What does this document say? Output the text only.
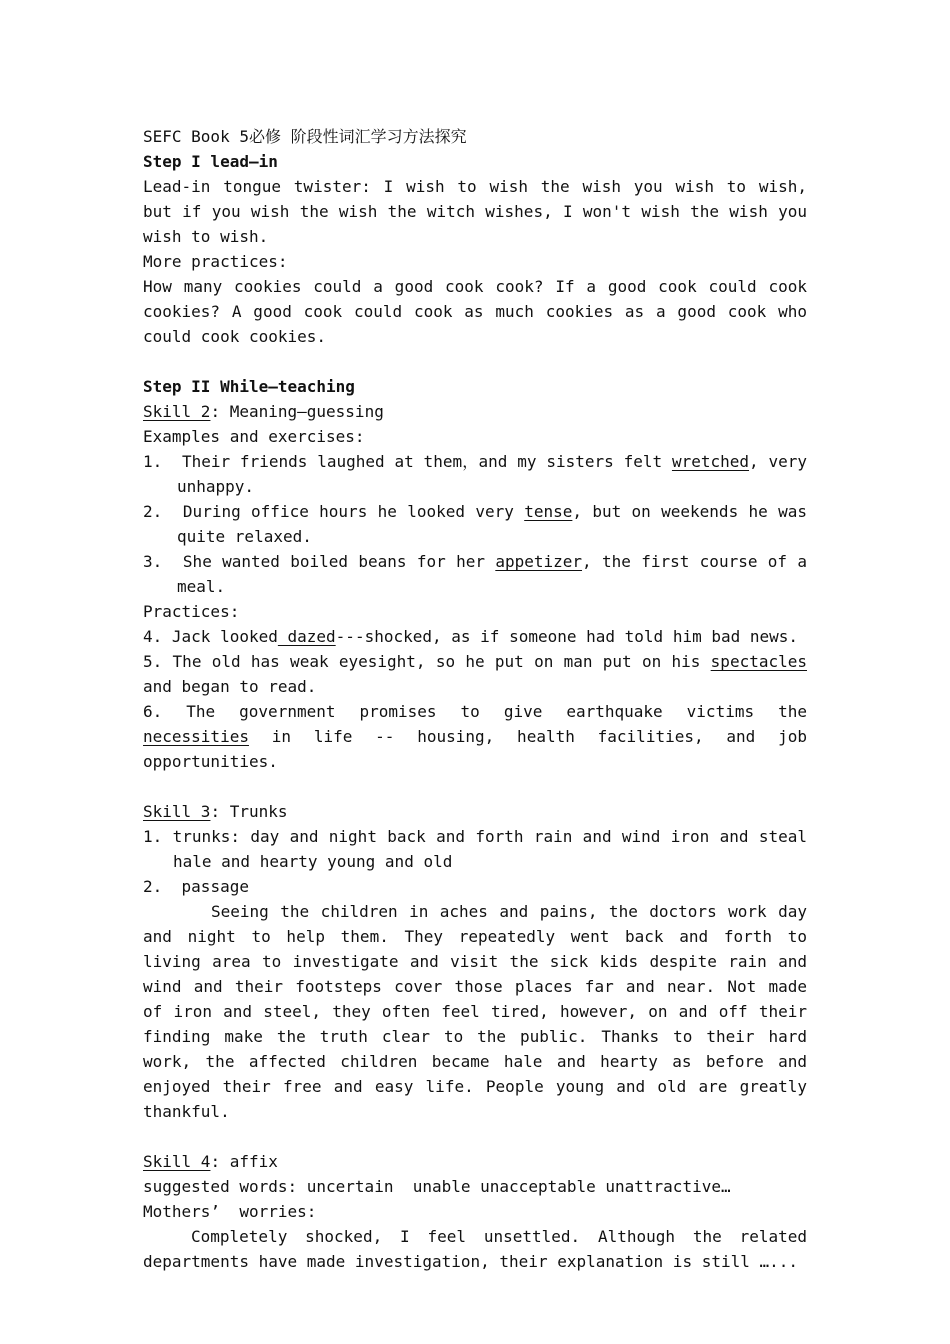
SEFC Book 5必修 阶段性词汇学习方法探究
Step I lead—in
Lead-in tongue twister: I wish to wish the wish you wish to wish, but if you wish the wish the witch wishes, I won't wish the wish you wish to wish.
More practices:
How many cookies could a good cook cook? If a good cook could cook cookies? A good cook could cook as much cookies as a good cook who could cook cookies.
Step II While—teaching
Skill 2: Meaning—guessing
Examples and exercises:
1. Their friends laughed at them，and my sisters felt wretched, very unhappy.
2. During office hours he looked very tense, but on weekends he was quite relaxed.
3. She wanted boiled beans for her appetizer, the first course of a meal.
Practices:
4. Jack looked dazed---shocked, as if someone had told him bad news.
5. The old has weak eyesight, so he put on man put on his spectacles and began to read.
6. The government promises to give earthquake victims the necessities in life -- housing, health facilities, and job opportunities.
Skill 3: Trunks
1. trunks: day and night back and forth rain and wind iron and steal hale and hearty young and old
2.  passage
Seeing the children in aches and pains, the doctors work day and night to help them. They repeatedly went back and forth to living area to investigate and visit the sick kids despite rain and wind and their footsteps cover those places far and near. Not made of iron and steel, they often feel tired, however, on and off their finding make the truth clear to the public. Thanks to their hard work, the affected children became hale and hearty as before and enjoyed their free and easy life. People young and old are greatly thankful.
Skill 4: affix
suggested words: uncertain  unable unacceptable unattractive…
Mothers’  worries:
Completely shocked, I feel unsettled. Although the related departments have made investigation, their explanation is still …...
